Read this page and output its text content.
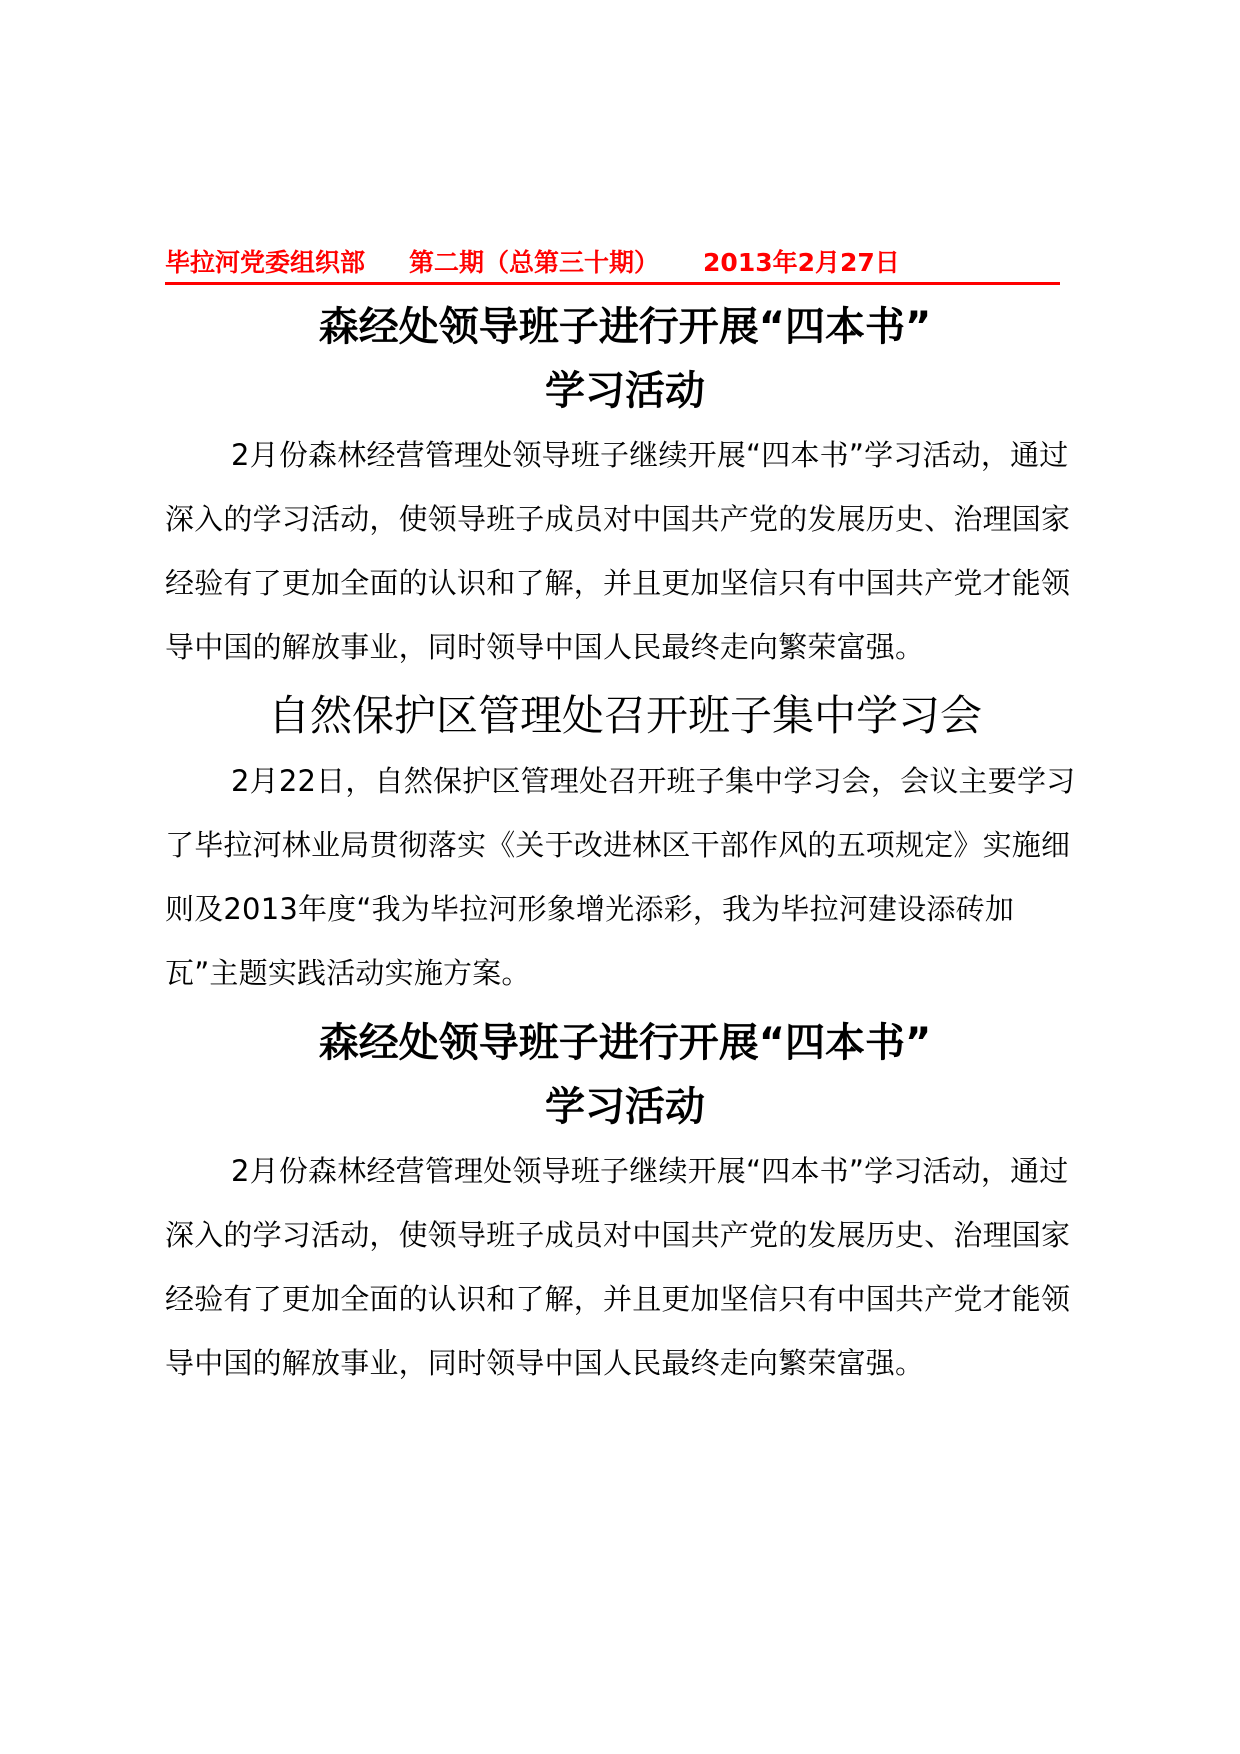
毕拉河党委组织部 第二期（总第三十期） 2013年2月27日
森经处领导班子进行开展“四本书”
学习活动

2月份森林经营管理处领导班子继续开展“四本书”学习活动，通过深入的学习活动，使领导班子成员对中国共产党的发展历史、治理国家经验有了更加全面的认识和了解，并且更加坚信只有中国共产党才能领导中国的解放事业，同时领导中国人民最终走向繁荣富强。

自然保护区管理处召开班子集中学习会

2月22日，自然保护区管理处召开班子集中学习会，会议主要学习了毕拉河林业局贯彻落实《关于改进林区干部作风的五项规定》实施细则及2013年度“我为毕拉河形象增光添彩，我为毕拉河建设添砖加瓦”主题实践活动实施方案。

森经处领导班子进行开展“四本书”
学习活动

2月份森林经营管理处领导班子继续开展“四本书”学习活动，通过深入的学习活动，使领导班子成员对中国共产党的发展历史、治理国家经验有了更加全面的认识和了解，并且更加坚信只有中国共产党才能领导中国的解放事业，同时领导中国人民最终走向繁荣富强。
